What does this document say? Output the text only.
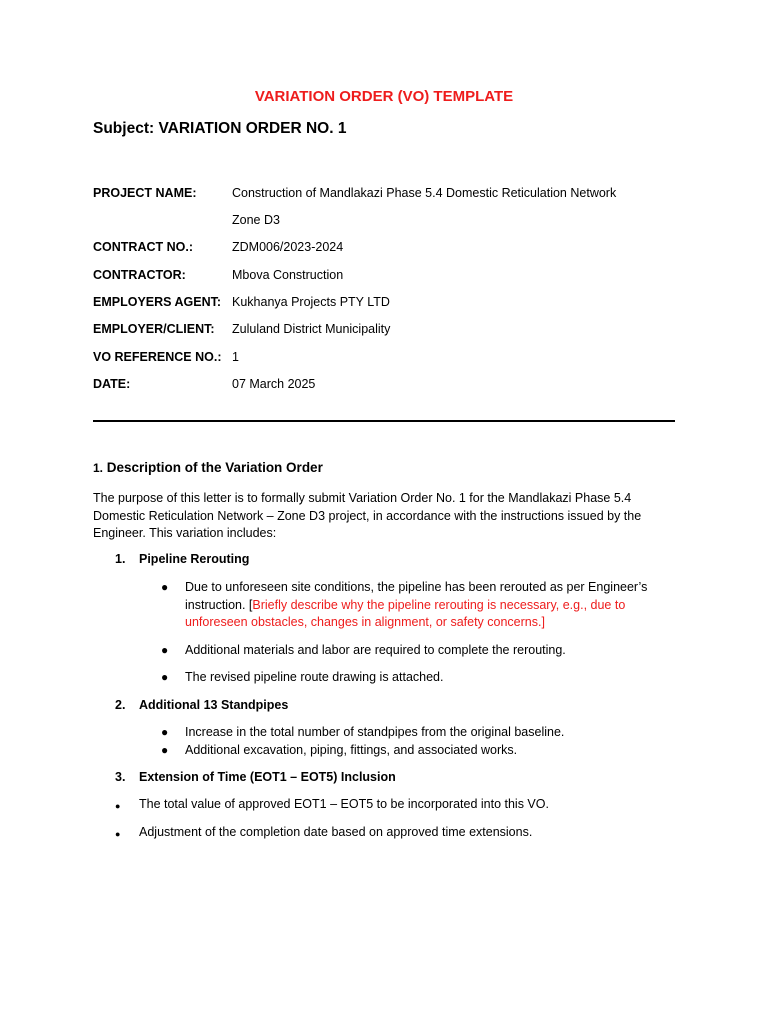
VARIATION ORDER (VO) TEMPLATE
Subject: VARIATION ORDER NO. 1
PROJECT NAME:	Construction of Mandlakazi Phase 5.4 Domestic Reticulation Network
Zone D3
CONTRACT NO.:	ZDM006/2023-2024
CONTRACTOR:	Mbova Construction
EMPLOYERS AGENT: Kukhanya Projects PTY LTD
EMPLOYER/CLIENT: Zululand District Municipality
VO REFERENCE NO.: 1
DATE:	07 March 2025
1. Description of the Variation Order

The purpose of this letter is to formally submit Variation Order No. 1 for the Mandlakazi Phase 5.4

Domestic Reticulation Network – Zone D3 project, in accordance with the instructions issued by the

Engineer. This variation includes:

1. Pipeline Rerouting
● Due to unforeseen site conditions, the pipeline has been rerouted as per Engineer’s
instruction. [Briefly describe why the pipeline rerouting is necessary, e.g., due to
unforeseen obstacles, changes in alignment, or safety concerns.]
● Additional materials and labor are required to complete the rerouting.
● The revised pipeline route drawing is attached.
2. Additional 13 Standpipes
● Increase in the total number of standpipes from the original baseline.
● Additional excavation, piping, fittings, and associated works.
3. Extension of Time (EOT1 – EOT5) Inclusion
● The total value of approved EOT1 – EOT5 to be incorporated into this VO.
● Adjustment of the completion date based on approved time extensions.
